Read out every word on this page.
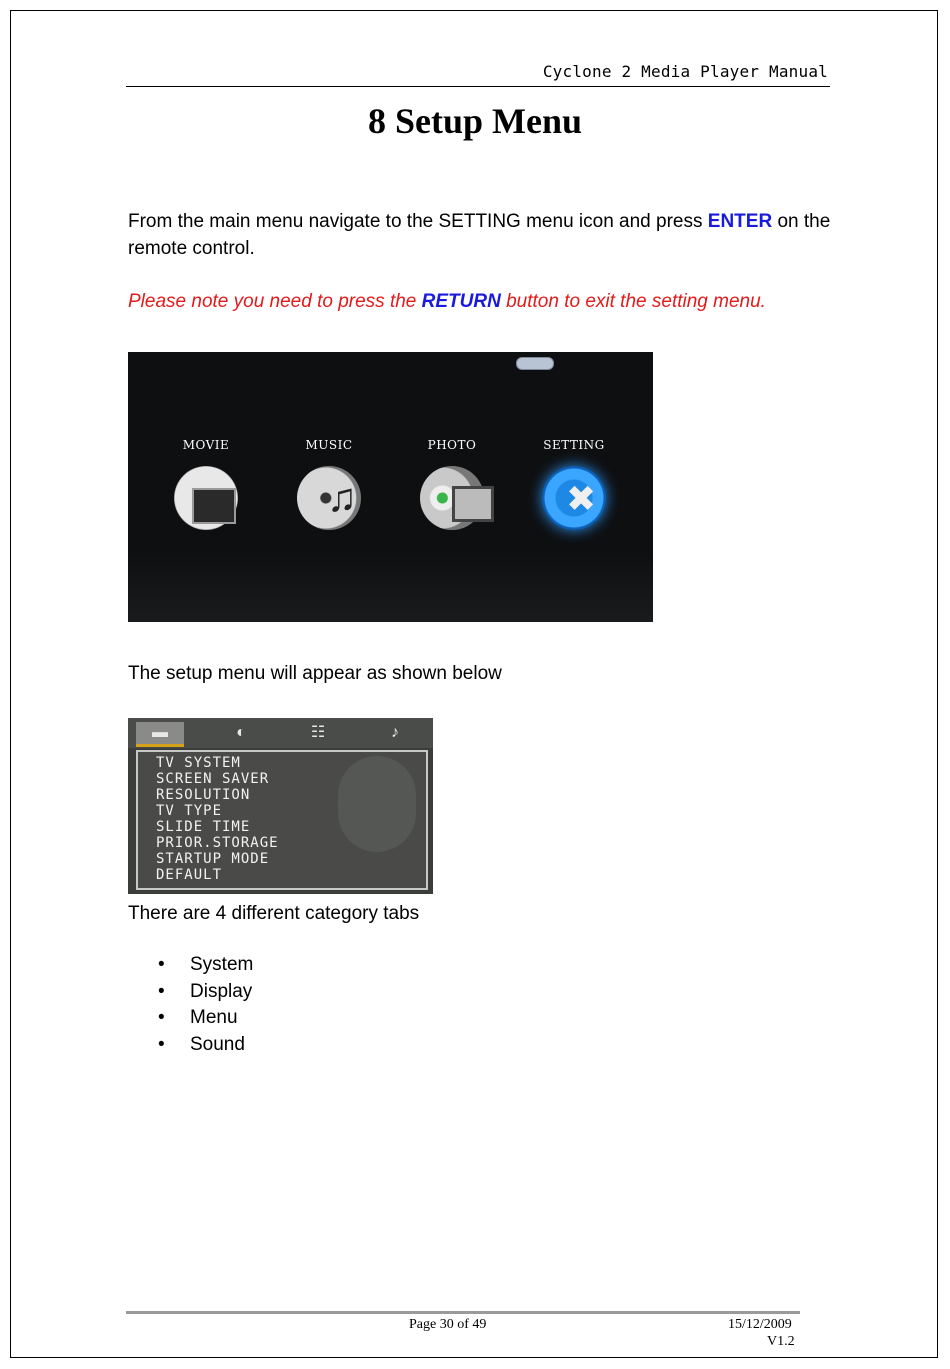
Cyclone 2 Media Player Manual
8 Setup Menu
From the main menu navigate to the SETTING menu icon and press ENTER on the remote control.
Please note you need to press the RETURN button to exit the setting menu.
MOVIE	MUSIC
♫	PHOTO	SETTING
✖
The setup menu will appear as shown below
▬	◐	☷	♪
TV SYSTEM
SCREEN SAVER
RESOLUTION
TV TYPE
SLIDE TIME
PRIOR.STORAGE
STARTUP MODE
DEFAULT
There are 4 different category tabs
• System
• Display
• Menu
• Sound
Page 30 of 49	15/12/2009
V1.2
